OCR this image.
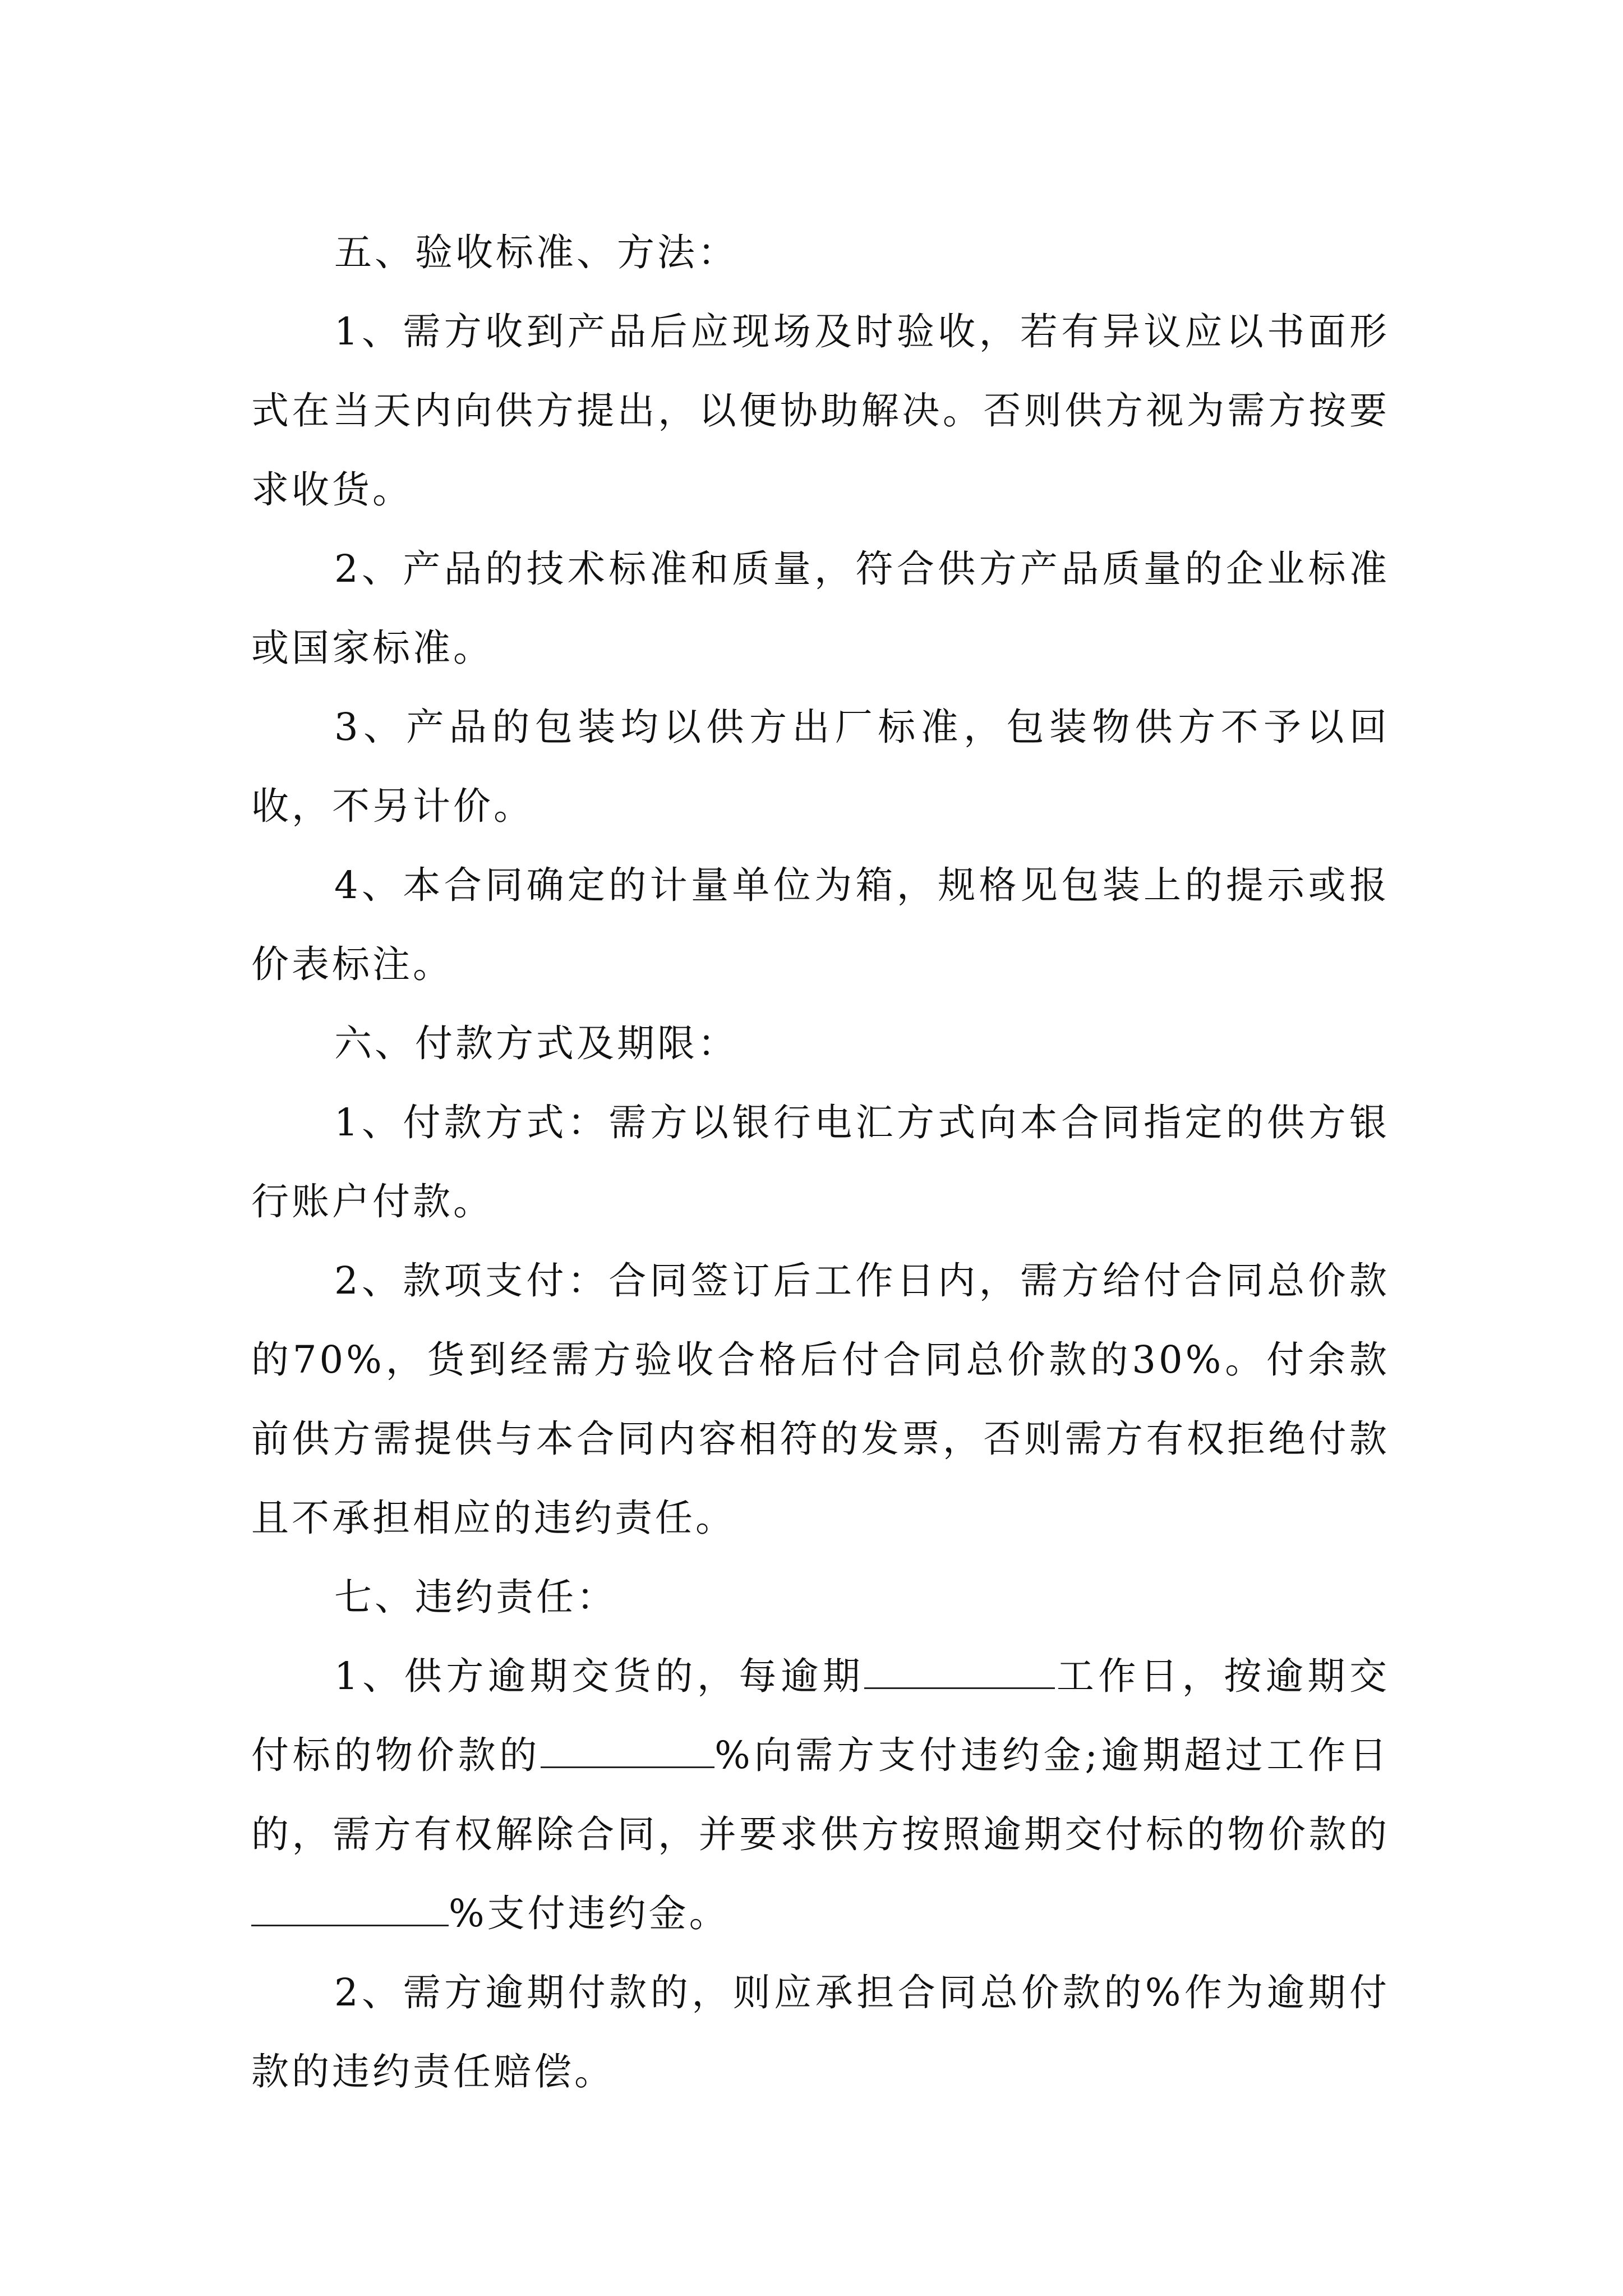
五、验收标准、方法：

1、需方收到产品后应现场及时验收，若有异议应以书面形式在当天内向供方提出，以便协助解决。否则供方视为需方按要求收货。

2、产品的技术标准和质量，符合供方产品质量的企业标准或国家标准。

3、产品的包装均以供方出厂标准，包装物供方不予以回收，不另计价。

4、本合同确定的计量单位为箱，规格见包装上的提示或报价表标注。

六、付款方式及期限：

1、付款方式：需方以银行电汇方式向本合同指定的供方银行账户付款。

2、款项支付：合同签订后工作日内，需方给付合同总价款的70%，货到经需方验收合格后付合同总价款的30%。付余款前供方需提供与本合同内容相符的发票，否则需方有权拒绝付款且不承担相应的违约责任。

七、违约责任：

1、供方逾期交货的，每逾期	工作日，按逾期交付标的物价款的	%向需方支付违约金;逾期超过工作日的，需方有权解除合同，并要求供方按照逾期交付标的物价款的%支付违约金。

2、需方逾期付款的，则应承担合同总价款的%作为逾期付款的违约责任赔偿。
